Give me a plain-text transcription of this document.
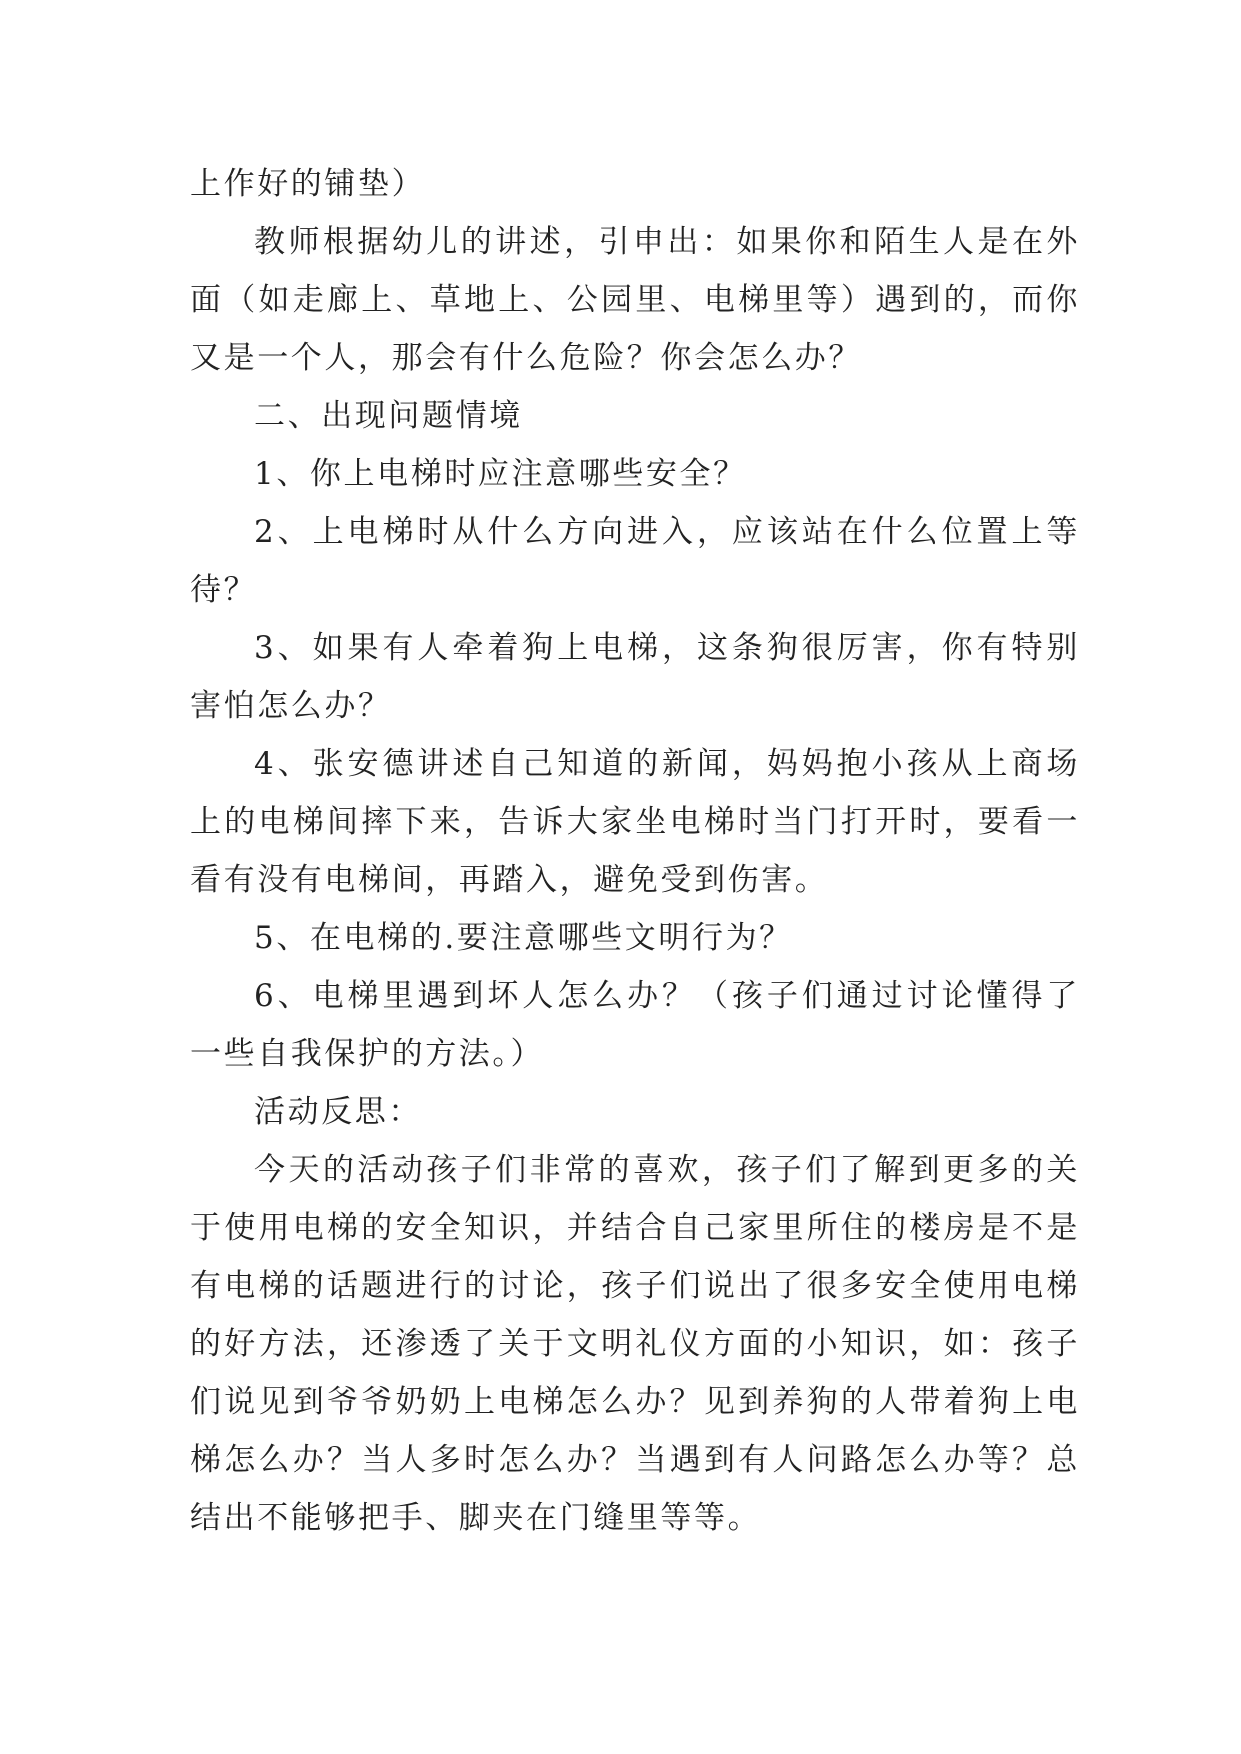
上作好的铺垫）

教师根据幼儿的讲述，引申出：如果你和陌生人是在外面（如走廊上、草地上、公园里、电梯里等）遇到的，而你又是一个人，那会有什么危险？你会怎么办？

二、出现问题情境

1、你上电梯时应注意哪些安全？

2、上电梯时从什么方向进入，应该站在什么位置上等待？

3、如果有人牵着狗上电梯，这条狗很厉害，你有特别害怕怎么办？

4、张安德讲述自己知道的新闻，妈妈抱小孩从上商场上的电梯间摔下来，告诉大家坐电梯时当门打开时，要看一看有没有电梯间，再踏入，避免受到伤害。

5、在电梯的.要注意哪些文明行为？

6、电梯里遇到坏人怎么办？（孩子们通过讨论懂得了一些自我保护的方法。）

活动反思：

今天的活动孩子们非常的喜欢，孩子们了解到更多的关于使用电梯的安全知识，并结合自己家里所住的楼房是不是有电梯的话题进行的讨论，孩子们说出了很多安全使用电梯的好方法，还渗透了关于文明礼仪方面的小知识，如：孩子们说见到爷爷奶奶上电梯怎么办？见到养狗的人带着狗上电梯怎么办？当人多时怎么办？当遇到有人问路怎么办等？总结出不能够把手、脚夹在门缝里等等。
